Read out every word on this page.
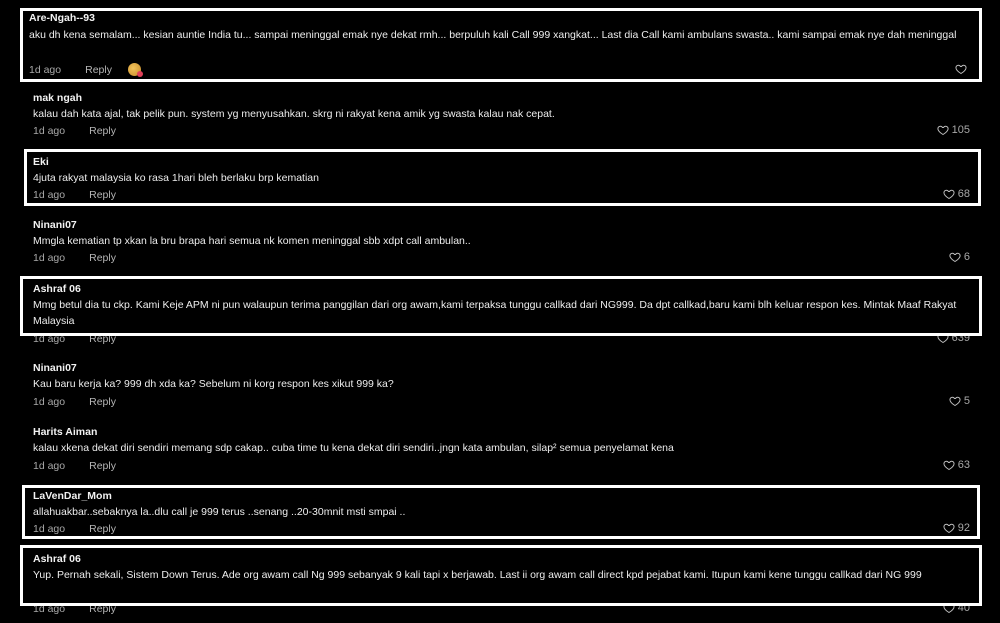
Are-Ngah--93
aku dh kena semalam... kesian auntie India tu... sampai meninggal emak nye dekat rmh... berpuluh kali Call 999 xangkat... Last dia Call kami ambulans swasta.. kami sampai emak nye dah meninggal
1d ago Reply
mak ngah
kalau dah kata ajal, tak pelik pun. system yg menyusahkan. skrg ni rakyat kena amik yg swasta kalau nak cepat.
1d ago Reply	105
Eki
4juta rakyat malaysia ko rasa 1hari bleh berlaku brp kematian
1d ago Reply	68
Ninani07
Mmgla kematian tp xkan la bru brapa hari semua nk komen meninggal sbb xdpt call ambulan..
1d ago Reply	6
Ashraf 06
Mmg betul dia tu ckp. Kami Keje APM ni pun walaupun terima panggilan dari org awam,kami terpaksa tunggu callkad dari NG999. Da dpt callkad,baru kami blh keluar respon kes. Mintak Maaf Rakyat Malaysia
1d ago Reply	639
Ninani07
Kau baru kerja ka? 999 dh xda ka? Sebelum ni korg respon kes xikut 999 ka?
1d ago Reply	5
Harits Aiman
kalau xkena dekat diri sendiri memang sdp cakap.. cuba time tu kena dekat diri sendiri..jngn kata ambulan, silap² semua penyelamat kena
1d ago Reply	63
LaVenDar_Mom
allahuakbar..sebaknya la..dlu call je 999 terus ..senang ..20-30mnit msti smpai ..
1d ago Reply	92
Ashraf 06
Yup. Pernah sekali, Sistem Down Terus. Ade org awam call Ng 999 sebanyak 9 kali tapi x berjawab. Last ii org awam call direct kpd pejabat kami. Itupun kami kene tunggu callkad dari NG 999
1d ago Reply	40
